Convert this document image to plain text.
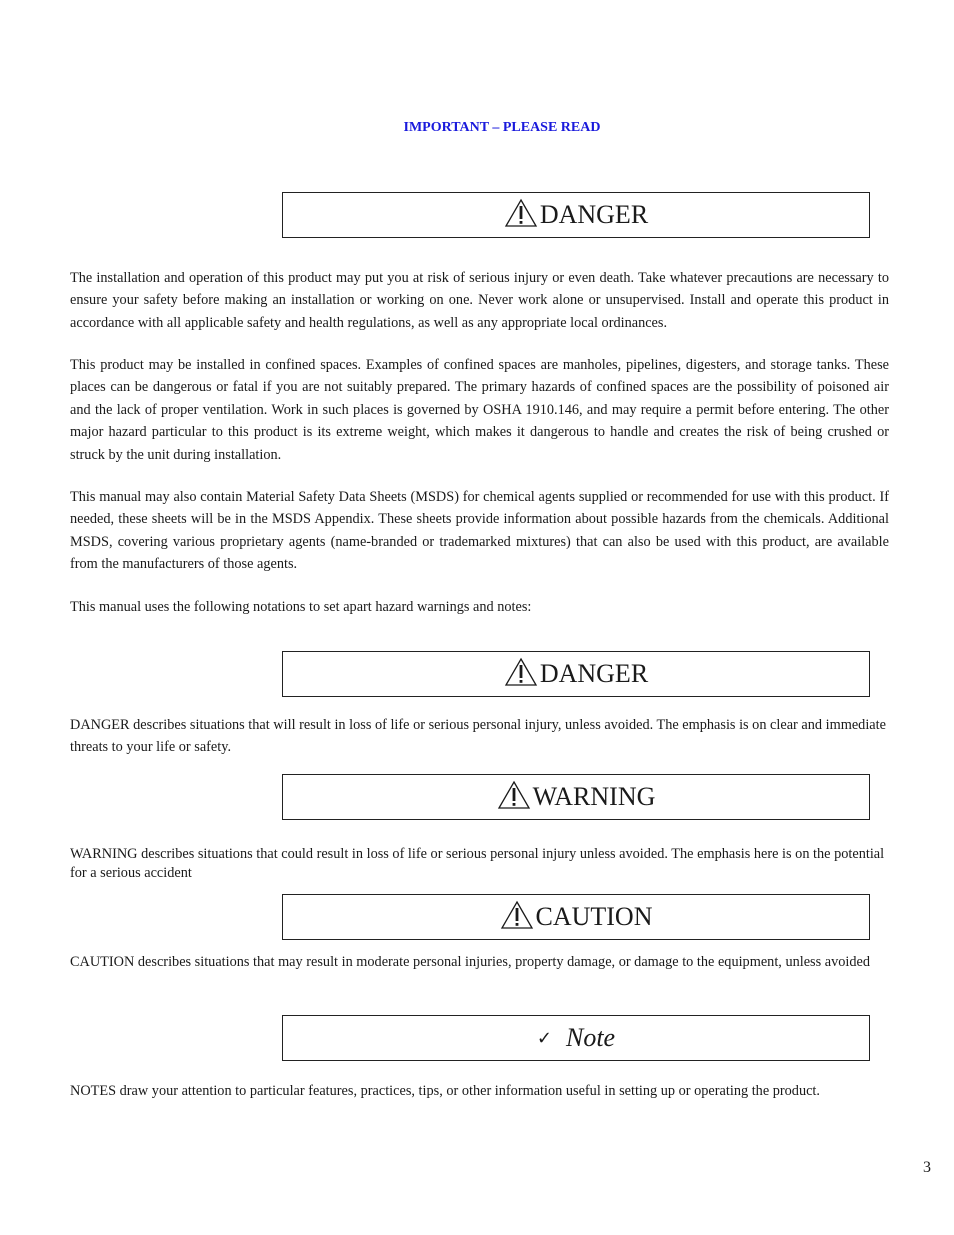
IMPORTANT – PLEASE READ
DANGER

The installation and operation of this product may put you at risk of serious injury or even death. Take whatever precautions are necessary to ensure your safety before making an installation or working on one. Never work alone or unsupervised. Install and operate this product in accordance with all applicable safety and health regulations, as well as any appropriate local ordinances.

This product may be installed in confined spaces. Examples of confined spaces are manholes, pipelines, digesters, and storage tanks. These places can be dangerous or fatal if you are not suitably prepared. The primary hazards of confined spaces are the possibility of poisoned air and the lack of proper ventilation. Work in such places is governed by OSHA 1910.146, and may require a permit before entering. The other major hazard particular to this product is its extreme weight, which makes it dangerous to handle and creates the risk of being crushed or struck by the unit during installation.

This manual may also contain Material Safety Data Sheets (MSDS) for chemical agents supplied or recommended for use with this product. If needed, these sheets will be in the MSDS Appendix. These sheets provide information about possible hazards from the chemicals. Additional MSDS, covering various proprietary agents (name-branded or trademarked mixtures) that can also be used with this product, are available from the manufacturers of those agents.

This manual uses the following notations to set apart hazard warnings and notes:

DANGER

DANGER describes situations that will result in loss of life or serious personal injury, unless avoided. The emphasis is on clear and immediate threats to your life or safety.

WARNING

WARNING describes situations that could result in loss of life or serious personal injury unless avoided. The emphasis here is on the potential for a serious accident

CAUTION

CAUTION describes situations that may result in moderate personal injuries, property damage, or damage to the equipment, unless avoided

✓ Note

NOTES draw your attention to particular features, practices, tips, or other information useful in setting up or operating the product.

3
